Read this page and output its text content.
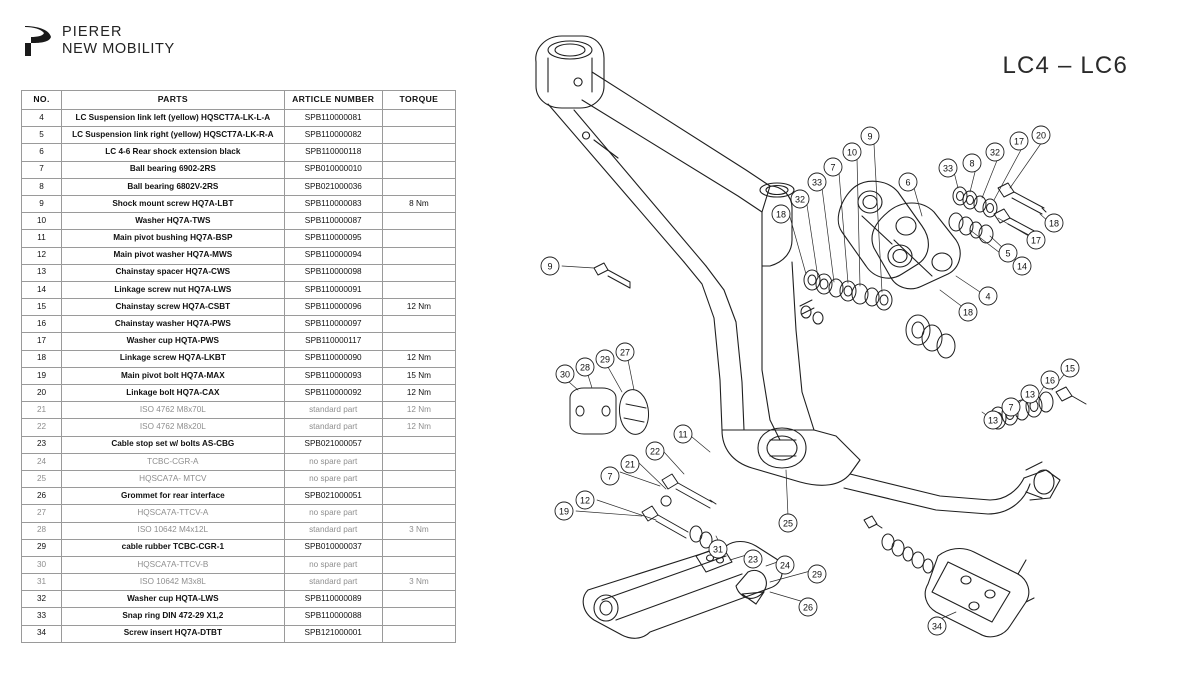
PIERER
NEW MOBILITY
LC4 – LC6
NO.	PARTS	ARTICLE NUMBER	TORQUE
4	LC Suspension link left (yellow) HQSCT7A-LK-L-A	SPB110000081	
5	LC Suspension link right (yellow) HQSCT7A-LK-R-A	SPB110000082	
6	LC 4-6 Rear shock extension black	SPB110000118	
7	Ball bearing 6902-2RS	SPB010000010	
8	Ball bearing 6802V-2RS	SPB021000036	
9	Shock mount screw HQ7A-LBT	SPB110000083	8 Nm
10	Washer HQ7A-TWS	SPB110000087	
11	Main pivot bushing HQ7A-BSP	SPB110000095	
12	Main pivot washer HQ7A-MWS	SPB110000094	
13	Chainstay spacer HQ7A-CWS	SPB110000098	
14	Linkage screw nut HQ7A-LWS	SPB110000091	
15	Chainstay screw HQ7A-CSBT	SPB110000096	12 Nm
16	Chainstay washer HQ7A-PWS	SPB110000097	
17	Washer cup HQTA-PWS	SPB110000117	
18	Linkage screw HQ7A-LKBT	SPB110000090	12 Nm
19	Main pivot bolt HQ7A-MAX	SPB110000093	15 Nm
20	Linkage bolt HQ7A-CAX	SPB110000092	12 Nm
21	ISO 4762 M8x70L	standard part	12 Nm
22	ISO 4762 M8x20L	standard part	12 Nm
23	Cable stop set w/ bolts AS-CBG	SPB021000057	
24	TCBC-CGR-A	no spare part	
25	HQSCA7A- MTCV	no spare part	
26	Grommet for rear interface	SPB021000051	
27	HQSCA7A-TTCV-A	no spare part	
28	ISO 10642 M4x12L	standard part	3 Nm
29	cable rubber TCBC-CGR-1	SPB010000037	
30	HQSCA7A-TTCV-B	no spare part	
31	ISO 10642 M3x8L	standard part	3 Nm
32	Washer cup HQTA-LWS	SPB110000089	
33	Snap ring DIN 472-29 X1,2	SPB110000088	
34	Screw insert HQ7A-DTBT	SPB121000001	
9
19
12
30
28
29
27
7
21
22
11
18
32
33
7
10
9
6
33 8
32
17
20
18
17
14
5
4
18
15
16
13
7
13
25
31
23
24
29
26
34
